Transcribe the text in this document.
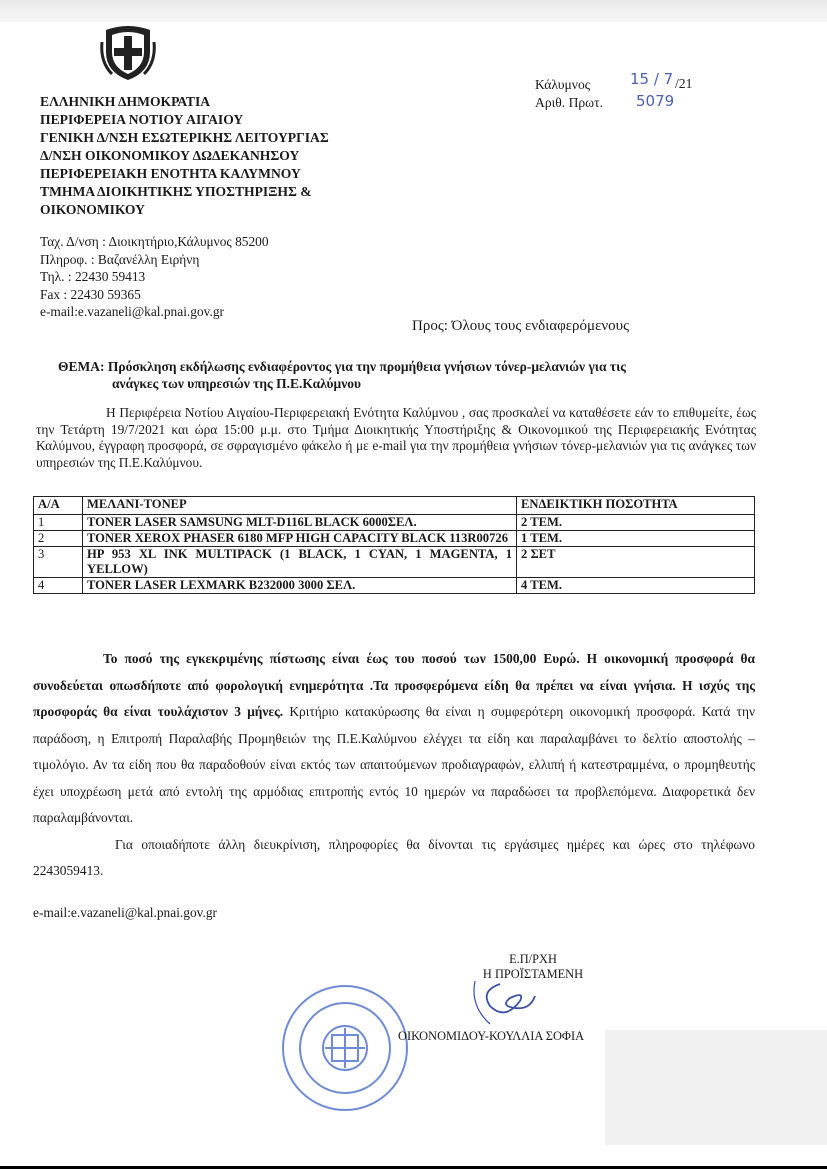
ΕΛΛΗΝΙΚΗ ΔΗΜΟΚΡΑΤΙΑ
ΠΕΡΙΦΕΡΕΙΑ ΝΟΤΙΟΥ ΑΙΓΑΙΟΥ
ΓΕΝΙΚΗ Δ/ΝΣΗ ΕΣΩΤΕΡΙΚΗΣ ΛΕΙΤΟΥΡΓΙΑΣ
Δ/ΝΣΗ ΟΙΚΟΝΟΜΙΚΟΥ ΔΩΔΕΚΑΝΗΣΟΥ
ΠΕΡΙΦΕΡΕΙΑΚΗ ΕΝΟΤΗΤΑ ΚΑΛΥΜΝΟΥ
ΤΜΗΜΑ ΔΙΟΙΚΗΤΙΚΗΣ ΥΠΟΣΤΗΡΙΞΗΣ &
ΟΙΚΟΝΟΜΙΚΟΥ
Ταχ. Δ/νση : Διοικητήριο,Κάλυμνος 85200
Πληροφ. : Βαζανέλλη Ειρήνη
Τηλ. : 22430 59413
Fax : 22430 59365
e-mail:e.vazaneli@kal.pnai.gov.gr
Κάλυμνος
Αριθ. Πρωτ.
15 / 7 /21
5079
Προς: Όλους τους ενδιαφερόμενους
ΘΕΜΑ: Πρόσκληση εκδήλωσης ενδιαφέροντος για την προμήθεια γνήσιων τόνερ-μελανιών για τις
ανάγκες των υπηρεσιών της Π.Ε.Καλύμνου
Η Περιφέρεια Νοτίου Αιγαίου-Περιφερειακή Ενότητα Καλύμνου , σας προσκαλεί να καταθέσετε εάν το επιθυμείτε, έως την Τετάρτη 19/7/2021 και ώρα 15:00 μ.μ. στο Τμήμα Διοικητικής Υποστήριξης & Οικονομικού της Περιφερειακής Ενότητας Καλύμνου, έγγραφη προσφορά, σε σφραγισμένο φάκελο ή με e-mail για την προμήθεια γνήσιων τόνερ-μελανιών για τις ανάγκες των υπηρεσιών της Π.Ε.Καλύμνου.
Α/Α	ΜΕΛΑΝΙ-ΤΟΝΕΡ	ΕΝΔΕΙΚΤΙΚΗ ΠΟΣΟΤΗΤΑ
1	TONER LASER SAMSUNG MLT-D116L BLACK 6000ΣΕΛ.	2 ΤΕΜ.
2	TONER XEROX PHASER 6180 MFP HIGH CAPACITY BLACK 113R00726	1 ΤΕΜ.
3	HP 953 XL INK MULTIPACK (1 BLACK, 1 CYAN, 1 MAGENTA, 1 YELLOW)	2 ΣΕΤ
4	TONER LASER LEXMARK B232000 3000 ΣΕΛ.	4 ΤΕΜ.
Το ποσό της εγκεκριμένης πίστωσης είναι έως του ποσού των 1500,00 Ευρώ. Η οικονομική προσφορά θα συνοδεύεται οπωσδήποτε από φορολογική ενημερότητα .Τα προσφερόμενα είδη θα πρέπει να είναι γνήσια. Η ισχύς της προσφοράς θα είναι τουλάχιστον 3 μήνες. Κριτήριο κατακύρωσης θα είναι η συμφερότερη οικονομική προσφορά. Κατά την παράδοση, η Επιτροπή Παραλαβής Προμηθειών της Π.Ε.Καλύμνου ελέγχει τα είδη και παραλαμβάνει το δελτίο αποστολής –τιμολόγιο. Αν τα είδη που θα παραδοθούν είναι εκτός των απαιτούμενων προδιαγραφών, ελλιπή ή κατεστραμμένα, ο προμηθευτής έχει υποχρέωση μετά από εντολή της αρμόδιας επιτροπής εντός 10 ημερών να παραδώσει τα προβλεπόμενα. Διαφορετικά δεν παραλαμβάνονται.
Για οποιαδήποτε άλλη διευκρίνιση, πληροφορίες θα δίνονται τις εργάσιμες ημέρες και ώρες στο τηλέφωνο 2243059413.
e-mail:e.vazaneli@kal.pnai.gov.gr
Ε.Π/ΡΧΗ
Η ΠΡΟΪΣΤΑΜΕΝΗ
ΟΙΚΟΝΟΜΙΔΟΥ-ΚΟΥΛΛΙΑ ΣΟΦΙΑ
